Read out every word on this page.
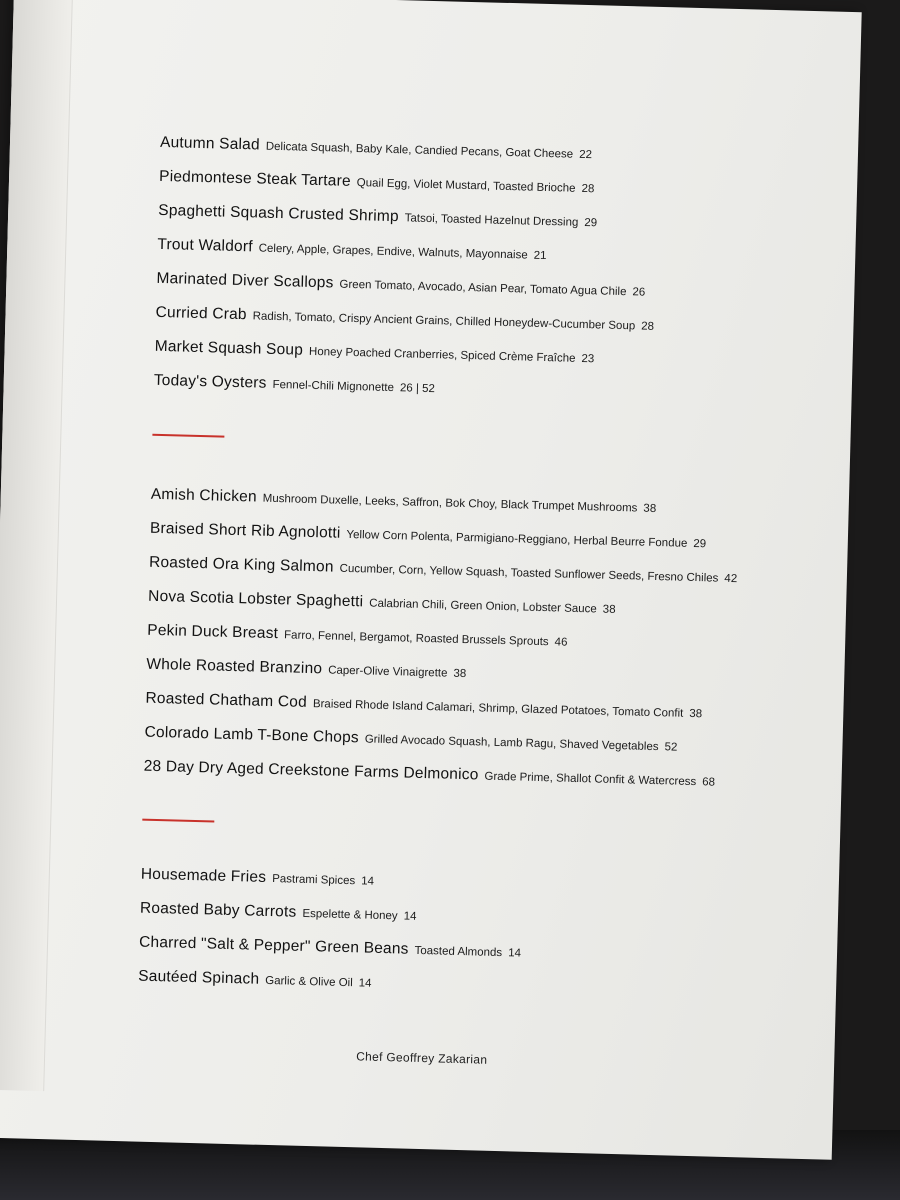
Autumn Salad Delicata Squash, Baby Kale, Candied Pecans, Goat Cheese 22
Piedmontese Steak Tartare Quail Egg, Violet Mustard, Toasted Brioche 28
Spaghetti Squash Crusted Shrimp Tatsoi, Toasted Hazelnut Dressing 29
Trout Waldorf Celery, Apple, Grapes, Endive, Walnuts, Mayonnaise 21
Marinated Diver Scallops Green Tomato, Avocado, Asian Pear, Tomato Agua Chile 26
Curried Crab Radish, Tomato, Crispy Ancient Grains, Chilled Honeydew-Cucumber Soup 28
Market Squash Soup Honey Poached Cranberries, Spiced Crème Fraîche 23
Today's Oysters Fennel-Chili Mignonette 26 | 52
Amish Chicken Mushroom Duxelle, Leeks, Saffron, Bok Choy, Black Trumpet Mushrooms 38
Braised Short Rib Agnolotti Yellow Corn Polenta, Parmigiano-Reggiano, Herbal Beurre Fondue 29
Roasted Ora King Salmon Cucumber, Corn, Yellow Squash, Toasted Sunflower Seeds, Fresno Chiles 42
Nova Scotia Lobster Spaghetti Calabrian Chili, Green Onion, Lobster Sauce 38
Pekin Duck Breast Farro, Fennel, Bergamot, Roasted Brussels Sprouts 46
Whole Roasted Branzino Caper-Olive Vinaigrette 38
Roasted Chatham Cod Braised Rhode Island Calamari, Shrimp, Glazed Potatoes, Tomato Confit 38
Colorado Lamb T-Bone Chops Grilled Avocado Squash, Lamb Ragu, Shaved Vegetables 52
28 Day Dry Aged Creekstone Farms Delmonico Grade Prime, Shallot Confit & Watercress 68
Housemade Fries Pastrami Spices 14
Roasted Baby Carrots Espelette & Honey 14
Charred "Salt & Pepper" Green Beans Toasted Almonds 14
Sautéed Spinach Garlic & Olive Oil 14
Chef Geoffrey Zakarian
